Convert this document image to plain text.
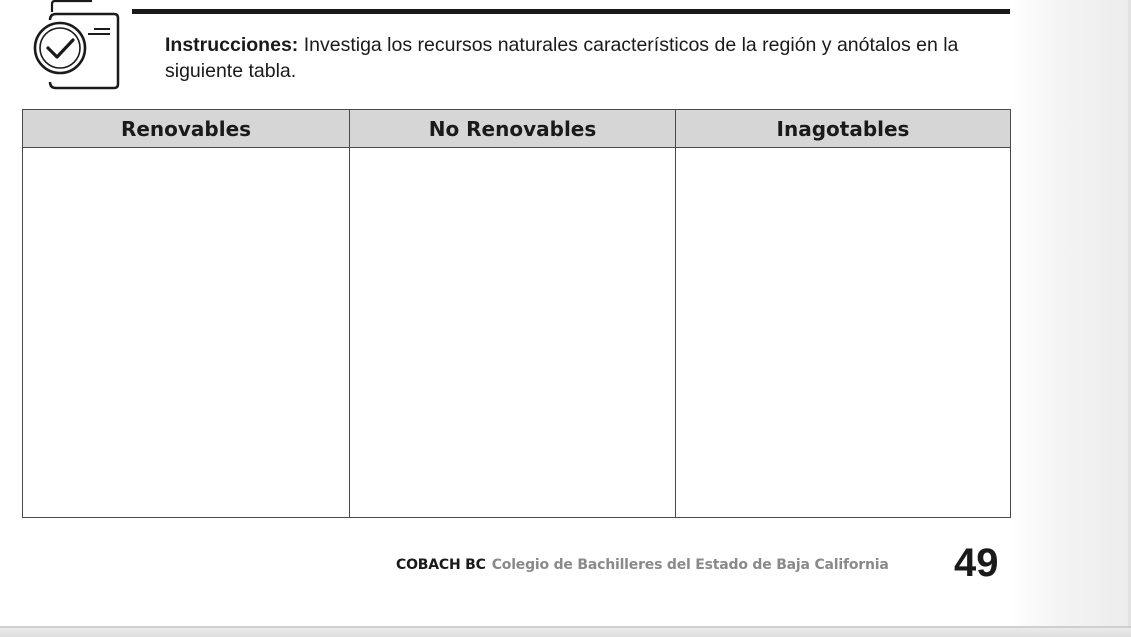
Instrucciones: Investiga los recursos naturales característicos de la región y anótalos en la siguiente tabla.
Renovables	No Renovables	Inagotables

COBACH BC Colegio de Bachilleres del Estado de Baja California 49
